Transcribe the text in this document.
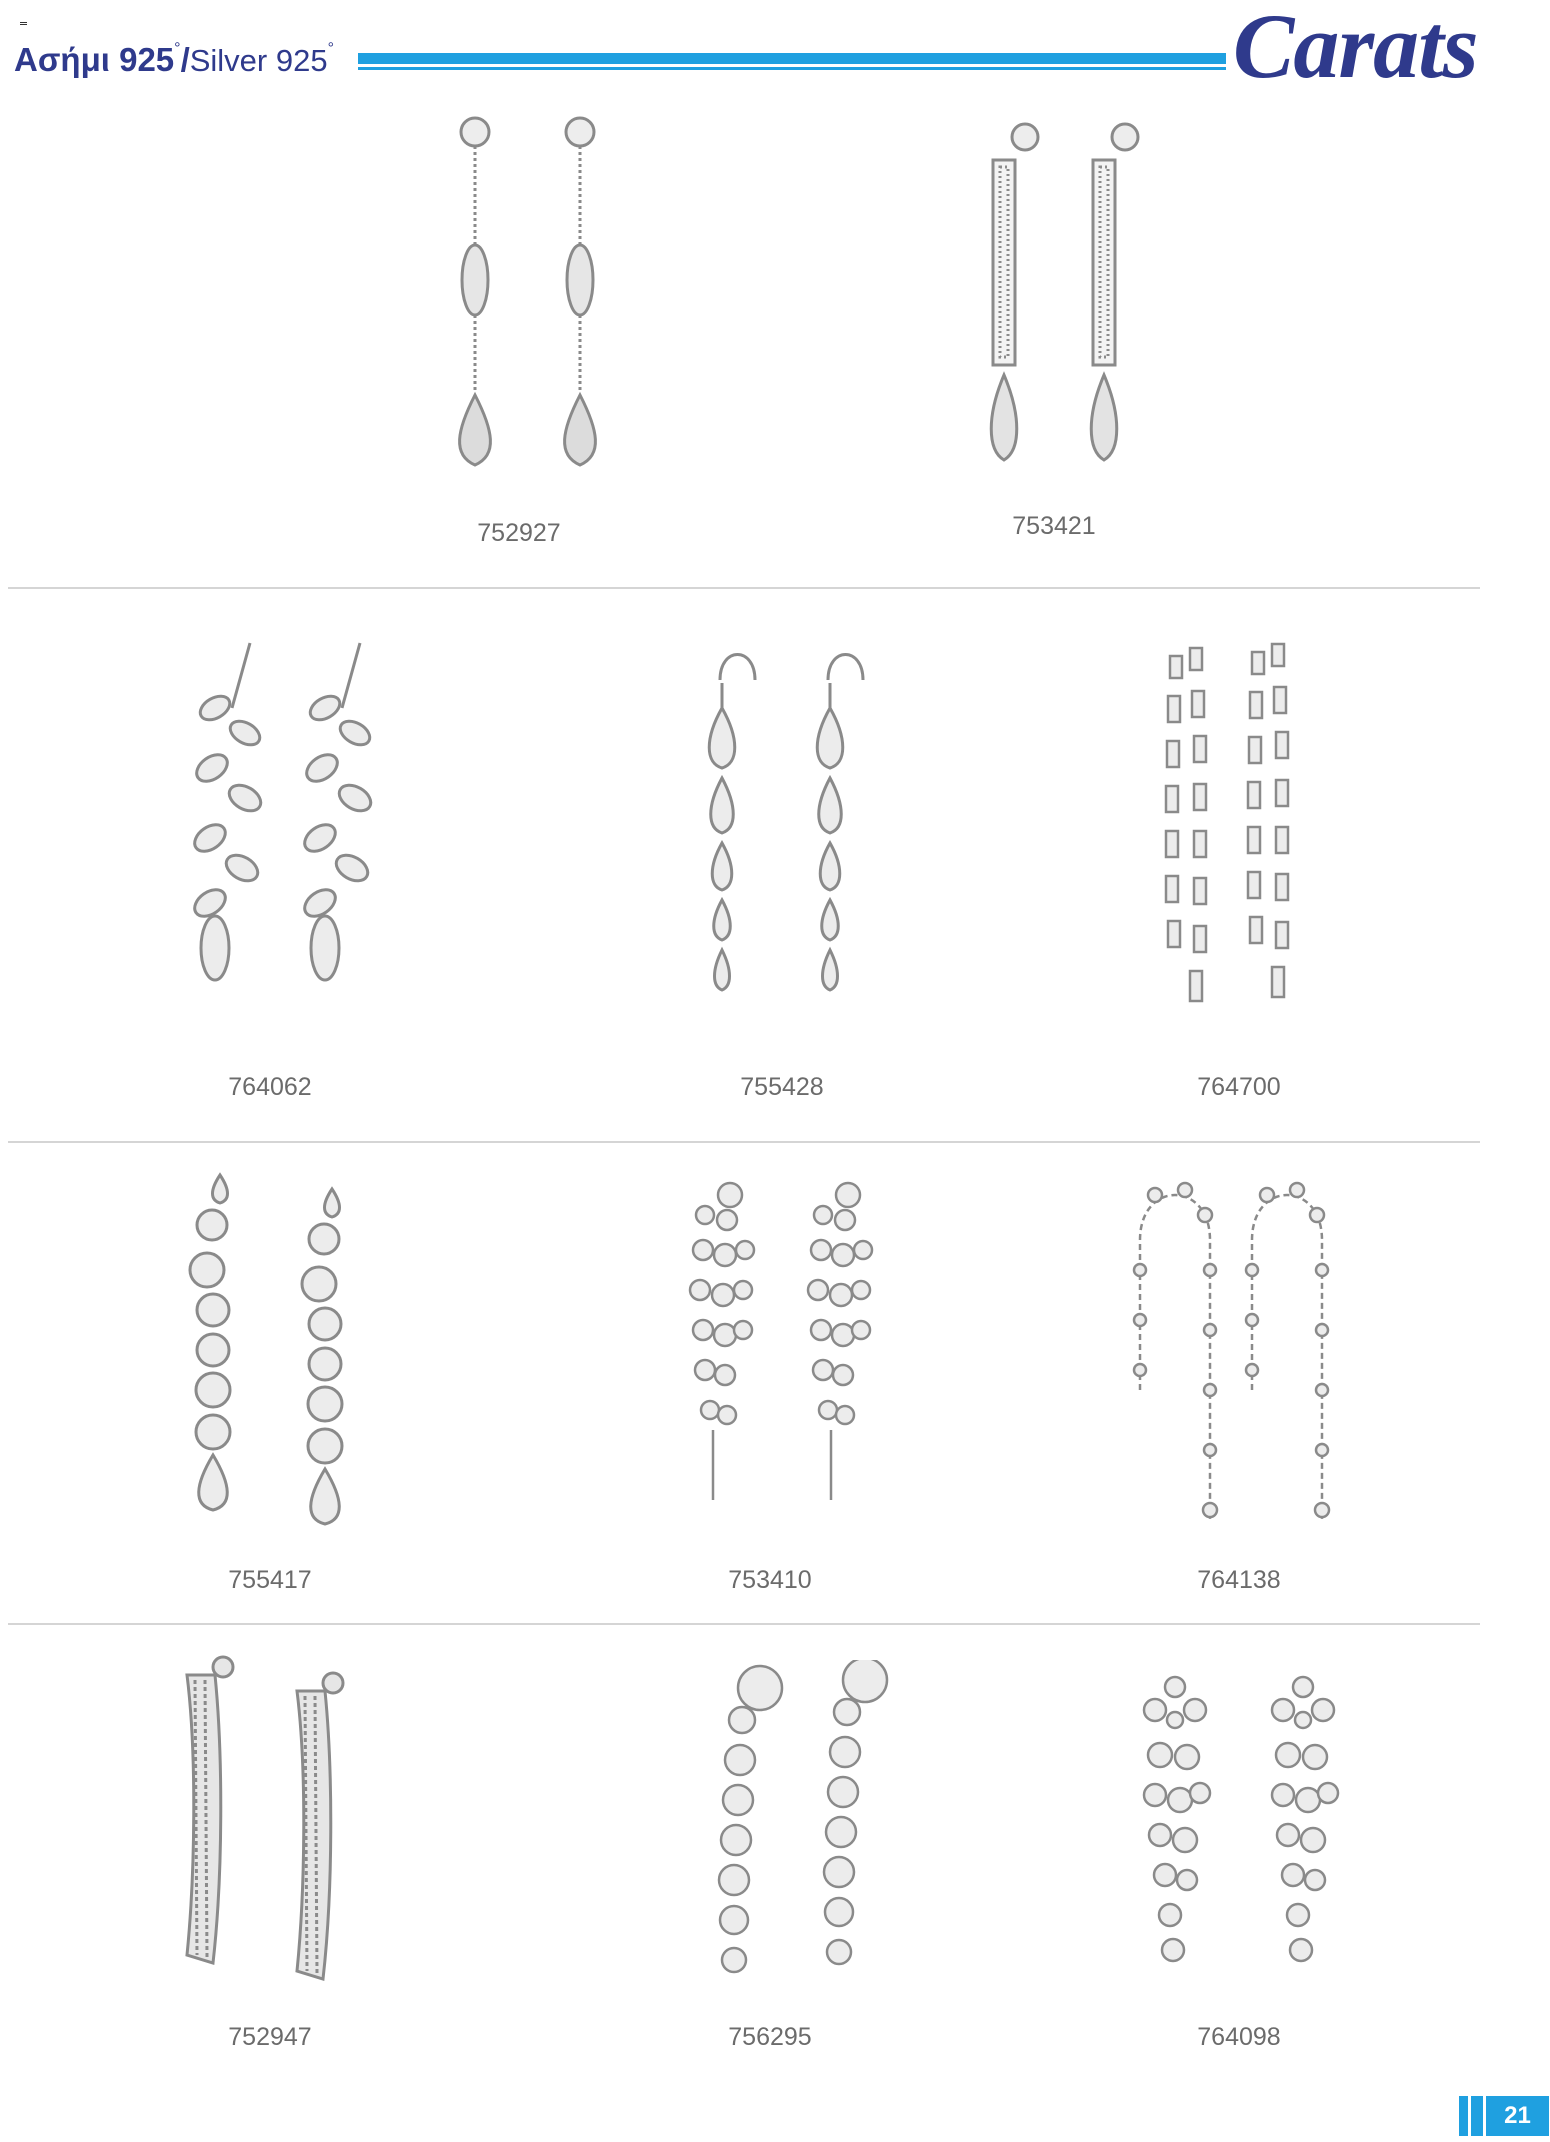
Ασήμι 925°/Silver 925°	Carats
752927	753421
764062	755428	764700
755417	753410	764138
752947	756295	764098
21
